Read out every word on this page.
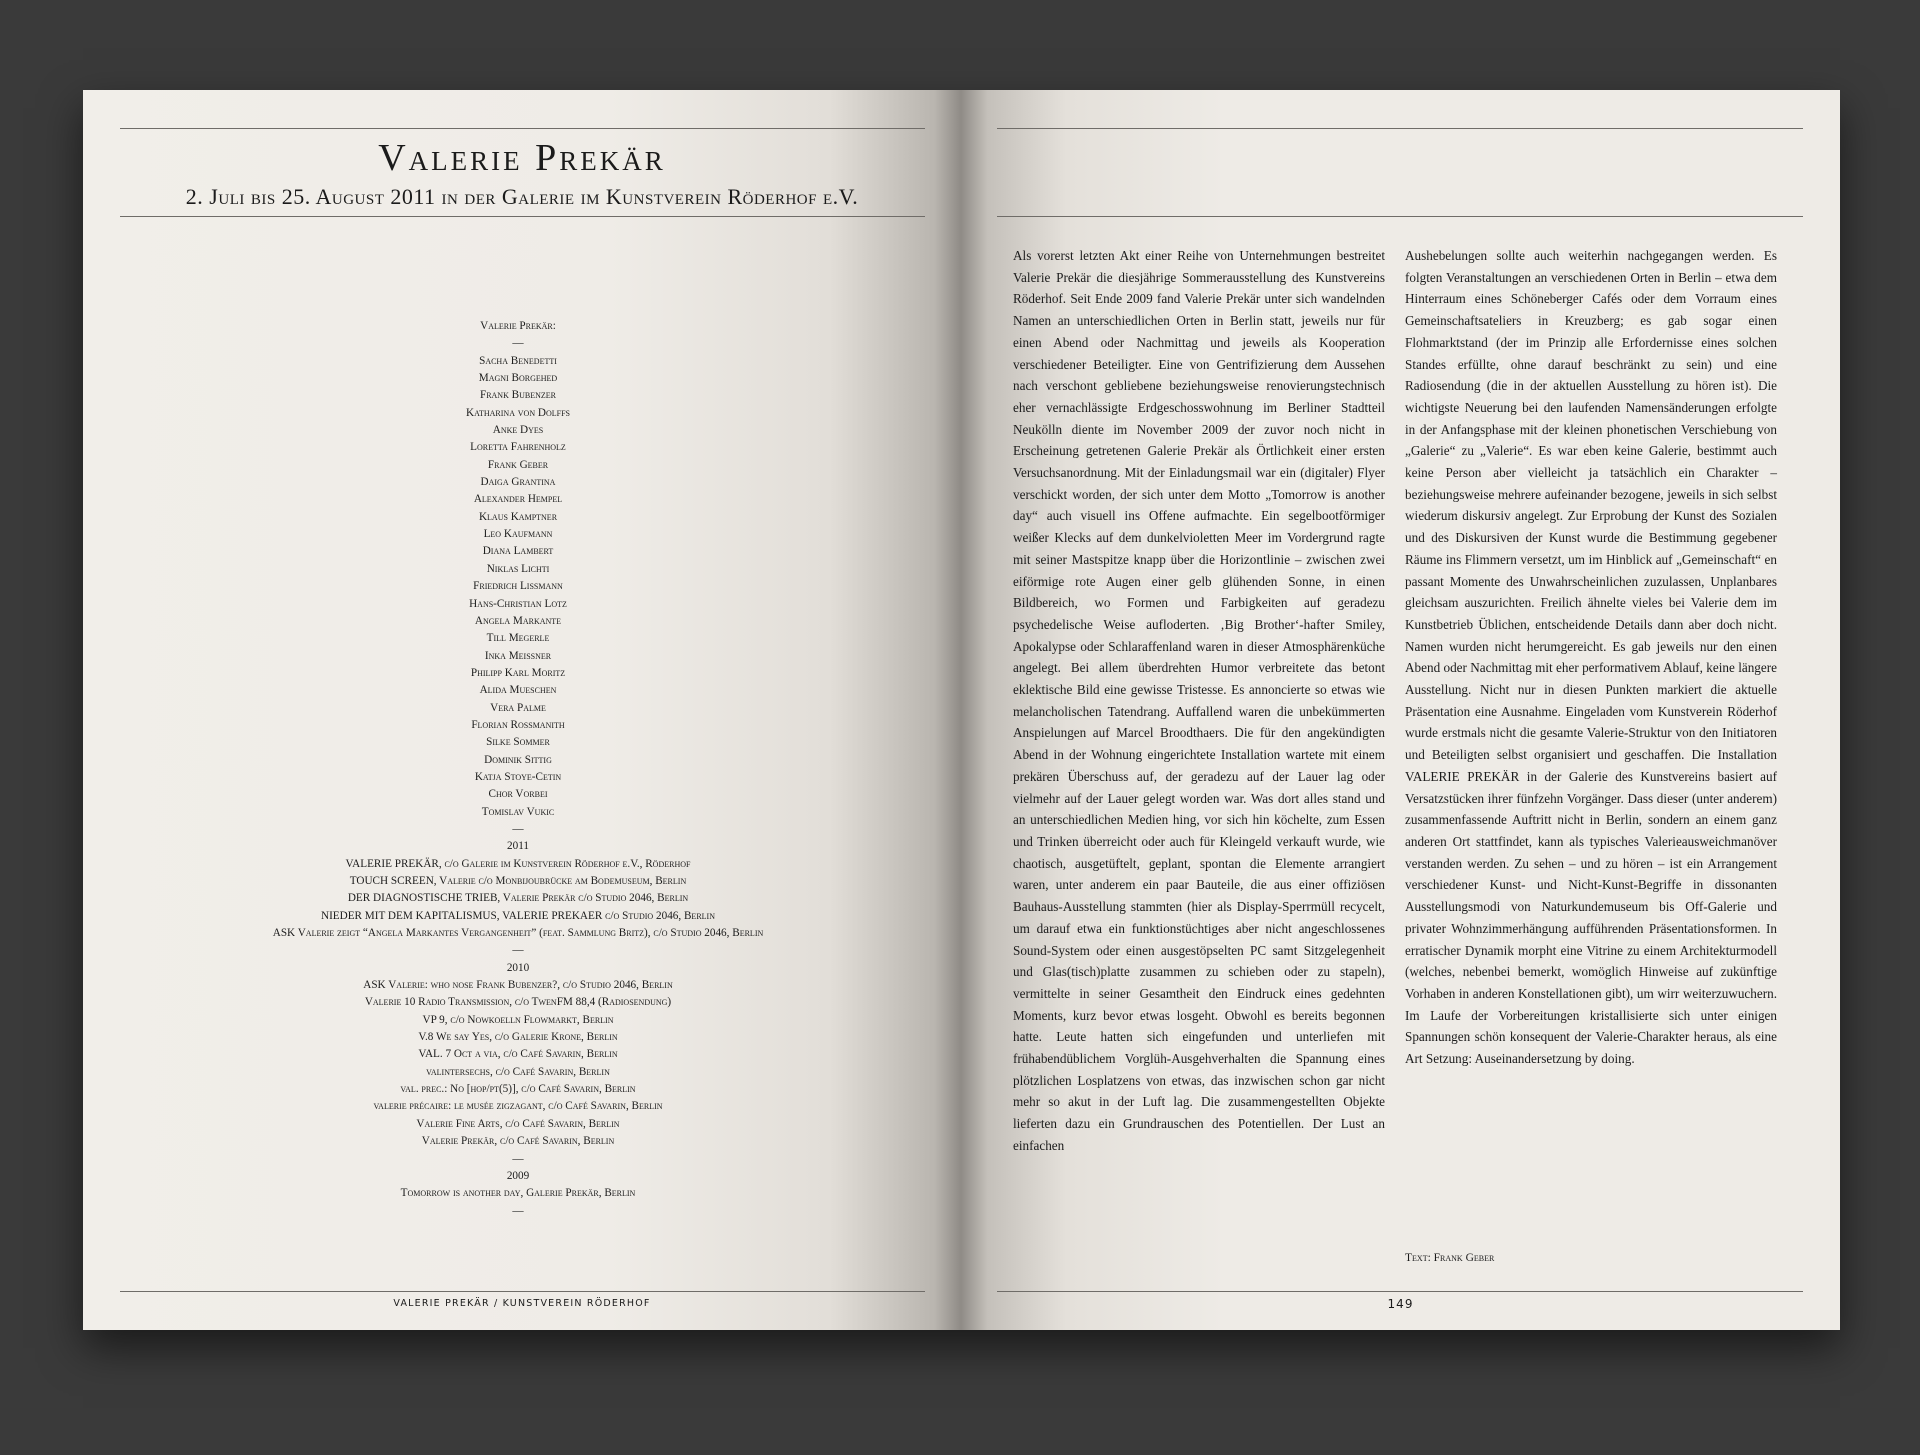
Valerie Prekär
2. Juli bis 25. August 2011 in der Galerie im Kunstverein Röderhof e.V.
Valerie Prekär:
—
Sacha Benedetti
Magni Borgehed
Frank Bubenzer
Katharina von Dolffs
Anke Dyes
Loretta Fahrenholz
Frank Geber
Daiga Grantina
Alexander Hempel
Klaus Kamptner
Leo Kaufmann
Diana Lambert
Niklas Lichti
Friedrich Lissmann
Hans-Christian Lotz
Angela Markante
Till Megerle
Inka Meissner
Philipp Karl Moritz
Alida Mueschen
Vera Palme
Florian Rossmanith
Silke Sommer
Dominik Sittig
Katja Stoye-Cetin
Chor Vorbei
Tomislav Vukic
—
2011
VALERIE PREKÄR, c/o Galerie im Kunstverein Röderhof e.V., Röderhof
TOUCH SCREEN, Valerie c/o Monbijoubrücke am Bodemuseum, Berlin
DER DIAGNOSTISCHE TRIEB, Valerie Prekär c/o Studio 2046, Berlin
NIEDER MIT DEM KAPITALISMUS, VALERIE PREKAER c/o Studio 2046, Berlin
ASK Valerie zeigt “Angela Markantes Vergangenheit” (feat. Sammlung Britz), c/o Studio 2046, Berlin
—
2010
ASK Valerie: who nose Frank Bubenzer?, c/o Studio 2046, Berlin
Valerie 10 Radio Transmission, c/o TwenFM 88,4 (Radiosendung)
VP 9, c/o Nowkoelln Flowmarkt, Berlin
V.8 We say Yes, c/o Galerie Krone, Berlin
VAL. 7 Oct a via, c/o Café Savarin, Berlin
valintersechs, c/o Café Savarin, Berlin
val. prec.: No [hop/pt(5)], c/o Café Savarin, Berlin
valerie précaire: le musée zigzagant, c/o Café Savarin, Berlin
Valerie Fine Arts, c/o Café Savarin, Berlin
Valerie Prekär, c/o Café Savarin, Berlin
—
2009
Tomorrow is another day, Galerie Prekär, Berlin
—
VALERIE PREKÄR / KUNSTVEREIN RÖDERHOF

Als vorerst letzten Akt einer Reihe von Unternehmungen bestreitet Valerie Prekär die diesjährige Sommerausstellung des Kunstvereins Röderhof. Seit Ende 2009 fand Valerie Prekär unter sich wandelnden Namen an unterschiedlichen Orten in Berlin statt, jeweils nur für einen Abend oder Nachmittag und jeweils als Kooperation verschiedener Beteiligter. Eine von Gentrifizierung dem Aussehen nach verschont gebliebene beziehungsweise renovierungstechnisch eher vernachlässigte Erdgeschosswohnung im Berliner Stadtteil Neukölln diente im November 2009 der zuvor noch nicht in Erscheinung getretenen Galerie Prekär als Örtlichkeit einer ersten Versuchsanordnung. Mit der Einladungsmail war ein (digitaler) Flyer verschickt worden, der sich unter dem Motto „Tomorrow is another day“ auch visuell ins Offene aufmachte. Ein segelbootförmiger weißer Klecks auf dem dunkelvioletten Meer im Vordergrund ragte mit seiner Mastspitze knapp über die Horizontlinie – zwischen zwei eiförmige rote Augen einer gelb glühenden Sonne, in einen Bildbereich, wo Formen und Farbigkeiten auf geradezu psychedelische Weise aufloderten. ‚Big Brother‘-hafter Smiley, Apokalypse oder Schlaraffenland waren in dieser Atmosphärenküche angelegt. Bei allem überdrehten Humor verbreitete das betont eklektische Bild eine gewisse Tristesse. Es annoncierte so etwas wie melancholischen Tatendrang. Auffallend waren die unbekümmerten Anspielungen auf Marcel Broodthaers. Die für den angekündigten Abend in der Wohnung eingerichtete Installation wartete mit einem prekären Überschuss auf, der geradezu auf der Lauer lag oder vielmehr auf der Lauer gelegt worden war. Was dort alles stand und an unterschiedlichen Medien hing, vor sich hin köchelte, zum Essen und Trinken überreicht oder auch für Kleingeld verkauft wurde, wie chaotisch, ausgetüftelt, geplant, spontan die Elemente arrangiert waren, unter anderem ein paar Bauteile, die aus einer offiziösen Bauhaus-Ausstellung stammten (hier als Display-Sperrmüll recycelt, um darauf etwa ein funktionstüchtiges aber nicht angeschlossenes Sound-System oder einen ausgestöpselten PC samt Sitzgelegenheit und Glas(tisch)platte zusammen zu schieben oder zu stapeln), vermittelte in seiner Gesamtheit den Eindruck eines gedehnten Moments, kurz bevor etwas losgeht. Obwohl es bereits begonnen hatte. Leute hatten sich eingefunden und unterliefen mit frühabendüblichem Vorglüh-Ausgehverhalten die Spannung eines plötzlichen Losplatzens von etwas, das inzwischen schon gar nicht mehr so akut in der Luft lag. Die zusammengestellten Objekte lieferten dazu ein Grundrauschen des Potentiellen. Der Lust an einfachen

Aushebelungen sollte auch weiterhin nachgegangen werden. Es folgten Veranstaltungen an verschiedenen Orten in Berlin – etwa dem Hinterraum eines Schöneberger Cafés oder dem Vorraum eines Gemeinschaftsateliers in Kreuzberg; es gab sogar einen Flohmarktstand (der im Prinzip alle Erfordernisse eines solchen Standes erfüllte, ohne darauf beschränkt zu sein) und eine Radiosendung (die in der aktuellen Ausstellung zu hören ist). Die wichtigste Neuerung bei den laufenden Namensänderungen erfolgte in der Anfangsphase mit der kleinen phonetischen Verschiebung von „Galerie“ zu „Valerie“. Es war eben keine Galerie, bestimmt auch keine Person aber vielleicht ja tatsächlich ein Charakter – beziehungsweise mehrere aufeinander bezogene, jeweils in sich selbst wiederum diskursiv angelegt. Zur Erprobung der Kunst des Sozialen und des Diskursiven der Kunst wurde die Bestimmung gegebener Räume ins Flimmern versetzt, um im Hinblick auf „Gemeinschaft“ en passant Momente des Unwahrscheinlichen zuzulassen, Unplanbares gleichsam auszurichten. Freilich ähnelte vieles bei Valerie dem im Kunstbetrieb Üblichen, entscheidende Details dann aber doch nicht. Namen wurden nicht herumgereicht. Es gab jeweils nur den einen Abend oder Nachmittag mit eher performativem Ablauf, keine längere Ausstellung. Nicht nur in diesen Punkten markiert die aktuelle Präsentation eine Ausnahme. Eingeladen vom Kunstverein Röderhof wurde erstmals nicht die gesamte Valerie-Struktur von den Initiatoren und Beteiligten selbst organisiert und geschaffen. Die Installation VALERIE PREKÄR in der Galerie des Kunstvereins basiert auf Versatzstücken ihrer fünfzehn Vorgänger. Dass dieser (unter anderem) zusammenfassende Auftritt nicht in Berlin, sondern an einem ganz anderen Ort stattfindet, kann als typisches Valerieausweichmanöver verstanden werden. Zu sehen – und zu hören – ist ein Arrangement verschiedener Kunst- und Nicht-Kunst-Begriffe in dissonanten Ausstellungsmodi von Naturkundemuseum bis Off-Galerie und privater Wohnzimmerhängung aufführenden Präsentationsformen. In erratischer Dynamik morpht eine Vitrine zu einem Architekturmodell (welches, nebenbei bemerkt, womöglich Hinweise auf zukünftige Vorhaben in anderen Konstellationen gibt), um wirr weiterzuwuchern. Im Laufe der Vorbereitungen kristallisierte sich unter einigen Spannungen schön konsequent der Valerie-Charakter heraus, als eine Art Setzung: Auseinandersetzung by doing.

Text: Frank Geber
149
